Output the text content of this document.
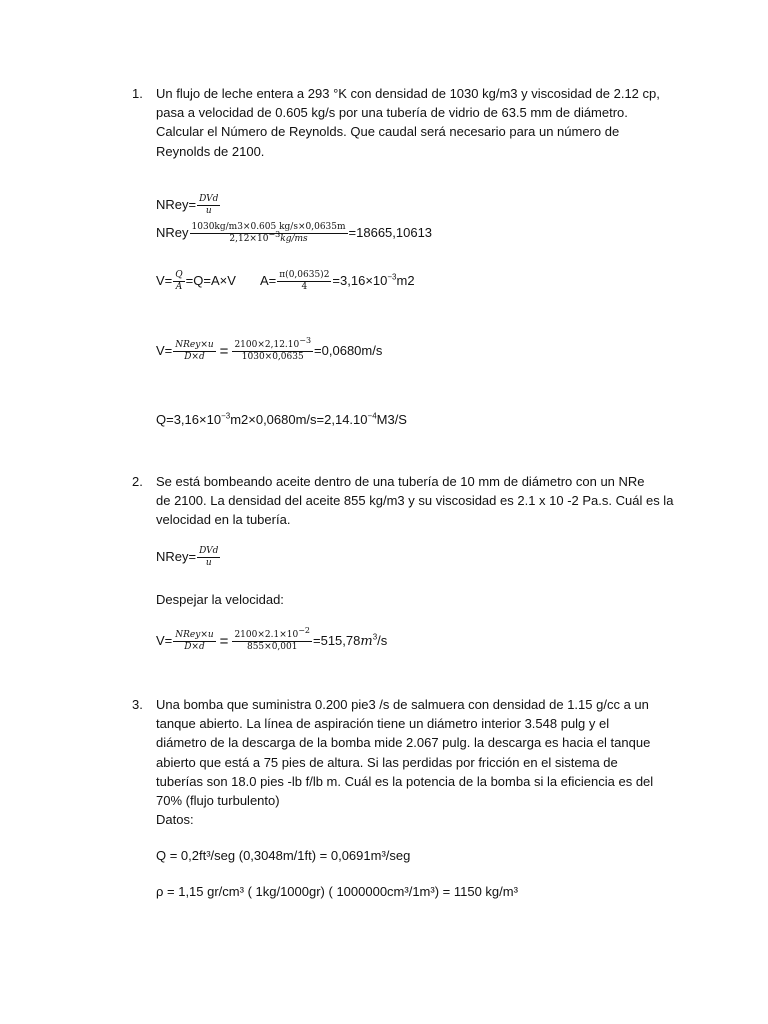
1. Un flujo de leche entera a 293 °K con densidad de 1030 kg/m3 y viscosidad de 2.12 cp,
pasa a velocidad de 0.605 kg/s por una tubería de vidrio de 63.5 mm de diámetro.
Calcular el Número de Reynolds. Que caudal será necesario para un número de
Reynolds de 2100.
NRey= $\frac{\text{DVd}}{u}$
NRey $\frac{1030kg/m3\times 0.605 kg/s\times 0,0635m}{2,12\times 10^{-3}kg/ms} =18665,10613$
$V= \frac{Q}{A} =Q=A\times V$ $A= \frac{\pi(0,0635)2}{4} =3,16\times 10^{-3}m2$
$V= \frac{\text{NRey×u}}{D\times d} = \frac{2100\times 2,12.10^{-3}}{1030\times 0,0635} =0,0680m/s$
$Q=3,16\times 10^{-3}m2\times 0,0680m/s=2,14.10^{-4}M3/S$
2. Se está bombeando aceite dentro de una tubería de 10 mm de diámetro con un NRe
de 2100. La densidad del aceite 855 kg/m3 y su viscosidad es 2.1 x 10 -2 Pa.s. Cuál es la
velocidad en la tubería.
NRey= $\frac{\text{DVd}}{u}$
Despejar la velocidad:
$V= \frac{\text{NRey×u}}{D\times d} = \frac{2100\times 2.1\times 10^{-2}}{855\times 0,001} =515,78m^3/s$
3. Una bomba que suministra 0.200 pie3 /s de salmuera con densidad de 1.15 g/cc a un
tanque abierto. La línea de aspiración tiene un diámetro interior 3.548 pulg y el
diámetro de la descarga de la bomba mide 2.067 pulg. la descarga es hacia el tanque
abierto que está a 75 pies de altura. Si las perdidas por fricción en el sistema de
tuberías son 18.0 pies -lb f/lb m. Cuál es la potencia de la bomba si la eficiencia es del
70% (flujo turbulento)
Datos:
Q = 0,2ft³/seg (0,3048m/1ft) = 0,0691m³/seg
ρ = 1,15 gr/cm³ ( 1kg/1000gr) ( 1000000cm³/1m³) = 1150 kg/m³
